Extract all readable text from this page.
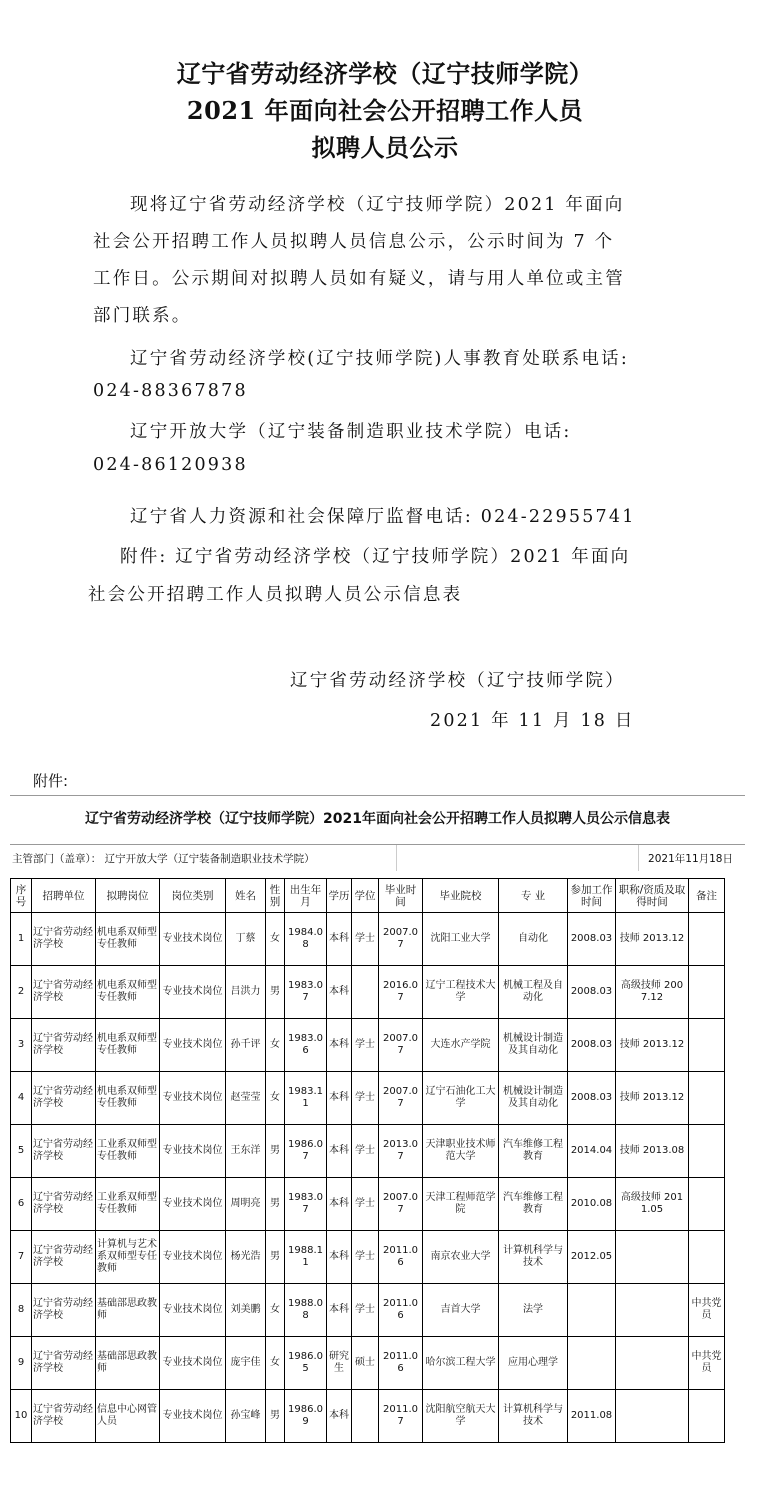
辽宁省劳动经济学校（辽宁技师学院）
2021 年面向社会公开招聘工作人员
拟聘人员公示
现将辽宁省劳动经济学校（辽宁技师学院）2021 年面向社会公开招聘工作人员拟聘人员信息公示，公示时间为 7 个工作日。公示期间对拟聘人员如有疑义，请与用人单位或主管部门联系。
辽宁省劳动经济学校(辽宁技师学院)人事教育处联系电话:
024-88367878
辽宁开放大学（辽宁装备制造职业技术学院）电话:
024-86120938
辽宁省人力资源和社会保障厅监督电话: 024-22955741
附件: 辽宁省劳动经济学校（辽宁技师学院）2021 年面向
社会公开招聘工作人员拟聘人员公示信息表
辽宁省劳动经济学校（辽宁技师学院）
2021 年 11 月 18 日
附件:
辽宁省劳动经济学校（辽宁技师学院）2021年面向社会公开招聘工作人员拟聘人员公示信息表
主管部门（盖章）： 辽宁开放大学（辽宁装备制造职业技术学院）	2021年11月18日
序号	招聘单位	拟聘岗位	岗位类别	姓名	性别	出生年月	学历	学位	毕业时间	毕业院校	专 业	参加工作时间	职称/资质及取得时间	备注
1	辽宁省劳动经济学校	机电系双师型专任教师	专业技术岗位	丁蔡	女	1984.08	本科	学士	2007.07	沈阳工业大学	自动化	2008.03	技师 2013.12	
2	辽宁省劳动经济学校	机电系双师型专任教师	专业技术岗位	吕洪力	男	1983.07	本科		2016.07	辽宁工程技术大学	机械工程及自动化	2008.03	高级技师 2007.12	
3	辽宁省劳动经济学校	机电系双师型专任教师	专业技术岗位	孙千评	女	1983.06	本科	学士	2007.07	大连水产学院	机械设计制造及其自动化	2008.03	技师 2013.12	
4	辽宁省劳动经济学校	机电系双师型专任教师	专业技术岗位	赵莹莹	女	1983.11	本科	学士	2007.07	辽宁石油化工大学	机械设计制造及其自动化	2008.03	技师 2013.12	
5	辽宁省劳动经济学校	工业系双师型专任教师	专业技术岗位	王东洋	男	1986.07	本科	学士	2013.07	天津职业技术师范大学	汽车维修工程教育	2014.04	技师 2013.08	
6	辽宁省劳动经济学校	工业系双师型专任教师	专业技术岗位	周明亮	男	1983.07	本科	学士	2007.07	天津工程师范学院	汽车维修工程教育	2010.08	高级技师 2011.05	
7	辽宁省劳动经济学校	计算机与艺术系双师型专任教师	专业技术岗位	杨光浩	男	1988.11	本科	学士	2011.06	南京农业大学	计算机科学与技术	2012.05		
8	辽宁省劳动经济学校	基础部思政教师	专业技术岗位	刘美鹏	女	1988.08	本科	学士	2011.06	吉首大学	法学			中共党员
9	辽宁省劳动经济学校	基础部思政教师	专业技术岗位	庞宇佳	女	1986.05	研究生	硕士	2011.06	哈尔滨工程大学	应用心理学			中共党员
10	辽宁省劳动经济学校	信息中心网管人员	专业技术岗位	孙宝峰	男	1986.09	本科		2011.07	沈阳航空航天大学	计算机科学与技术	2011.08		
